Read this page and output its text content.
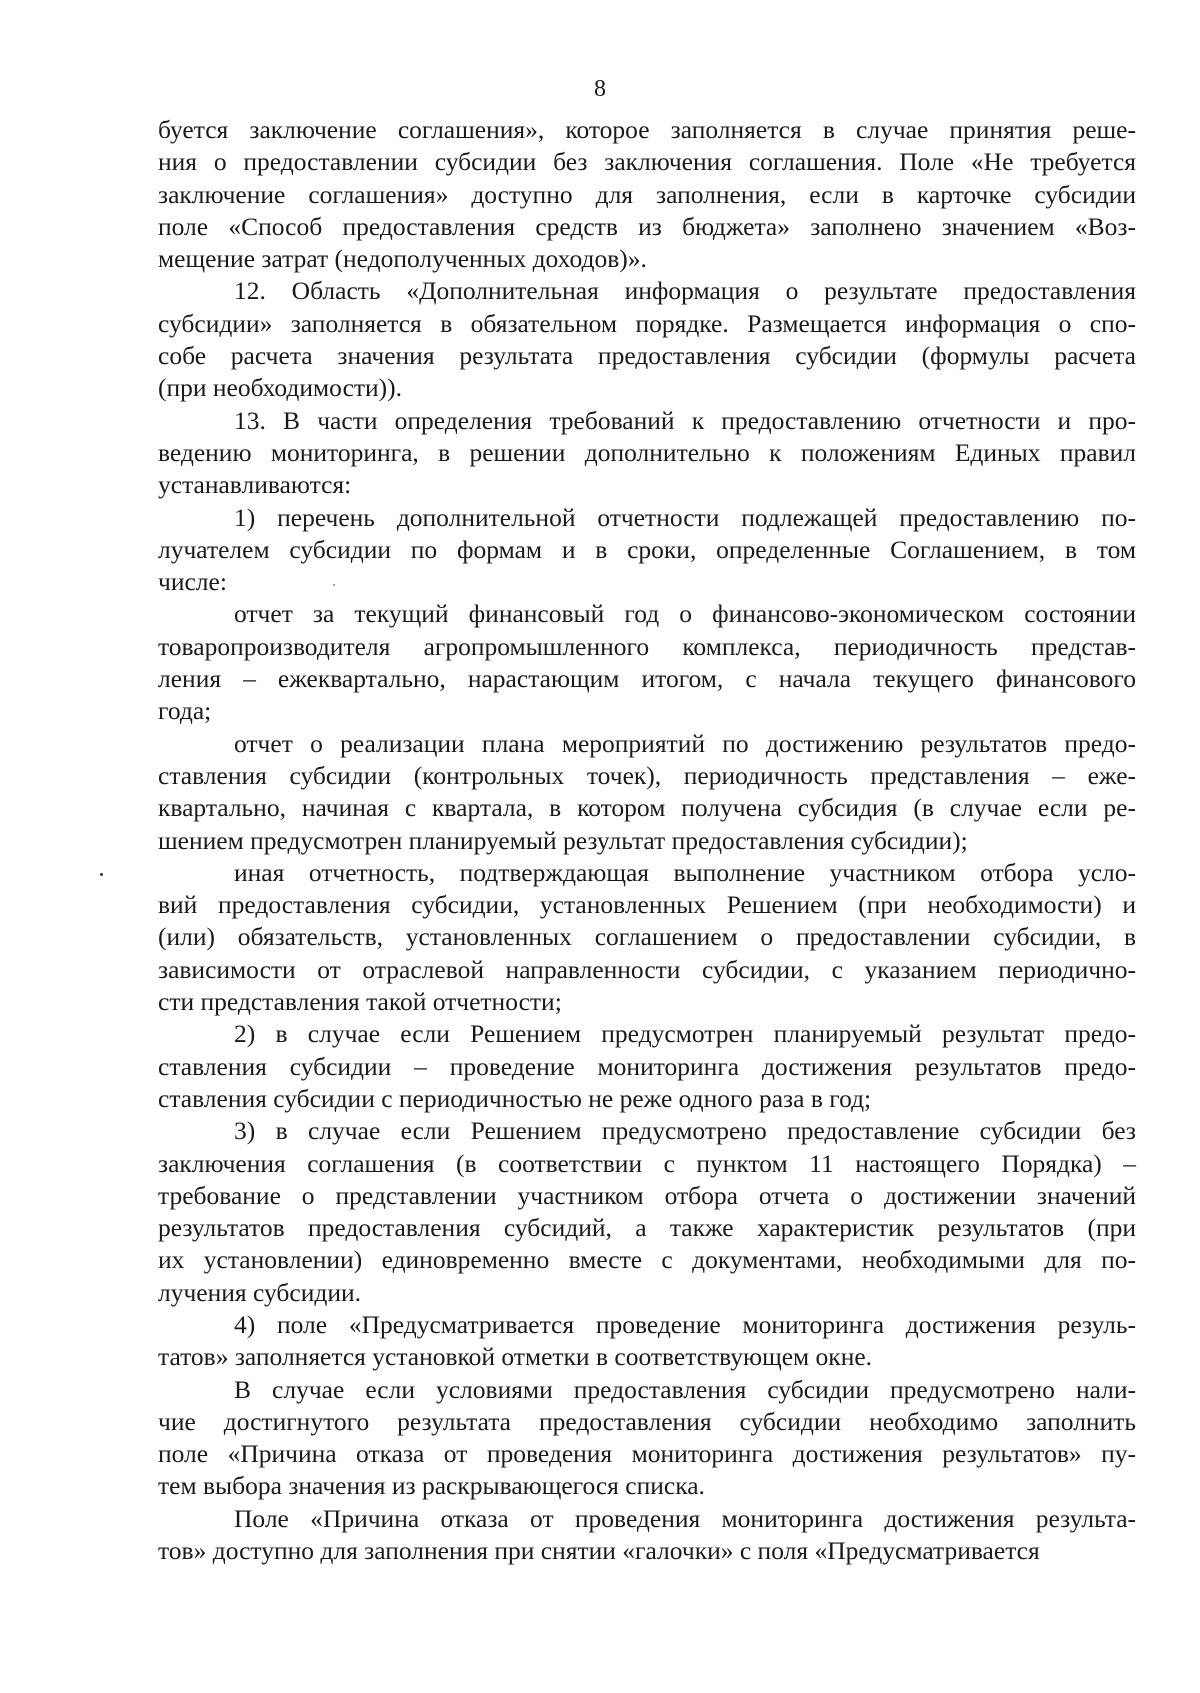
8

буется заключение соглашения», которое заполняется в случае принятия реше-
ния о предоставлении субсидии без заключения соглашения. Поле «Не требуется
заключение соглашения» доступно для заполнения, если в карточке субсидии
поле «Способ предоставления средств из бюджета» заполнено значением «Воз-
мещение затрат (недополученных доходов)».

12. Область «Дополнительная информация о результате предоставления
субсидии» заполняется в обязательном порядке. Размещается информация о спо-
собе расчета значения результата предоставления субсидии (формулы расчета
(при необходимости)).

13. В части определения требований к предоставлению отчетности и про-
ведению мониторинга, в решении дополнительно к положениям Единых правил
устанавливаются:

1) перечень дополнительной отчетности подлежащей предоставлению по-
лучателем субсидии по формам и в сроки, определенные Соглашением, в том
числе:

отчет за текущий финансовый год о финансово-экономическом состоянии
товаропроизводителя агропромышленного комплекса, периодичность представ-
ления – ежеквартально, нарастающим итогом, с начала текущего финансового
года;

отчет о реализации плана мероприятий по достижению результатов предо-
ставления субсидии (контрольных точек), периодичность представления – еже-
квартально, начиная с квартала, в котором получена субсидия (в случае если ре-
шением предусмотрен планируемый результат предоставления субсидии);

иная отчетность, подтверждающая выполнение участником отбора усло-
вий предоставления субсидии, установленных Решением (при необходимости) и
(или) обязательств, установленных соглашением о предоставлении субсидии, в
зависимости от отраслевой направленности субсидии, с указанием периодично-
сти представления такой отчетности;

2) в случае если Решением предусмотрен планируемый результат предо-
ставления субсидии – проведение мониторинга достижения результатов предо-
ставления субсидии с периодичностью не реже одного раза в год;

3) в случае если Решением предусмотрено предоставление субсидии без
заключения соглашения (в соответствии с пунктом 11 настоящего Порядка) –
требование о представлении участником отбора отчета о достижении значений
результатов предоставления субсидий, а также характеристик результатов (при
их установлении) единовременно вместе с документами, необходимыми для по-
лучения субсидии.

4) поле «Предусматривается проведение мониторинга достижения резуль-
татов» заполняется установкой отметки в соответствующем окне.

В случае если условиями предоставления субсидии предусмотрено нали-
чие достигнутого результата предоставления субсидии необходимо заполнить
поле «Причина отказа от проведения мониторинга достижения результатов» пу-
тем выбора значения из раскрывающегося списка.

Поле «Причина отказа от проведения мониторинга достижения результа-
тов» доступно для заполнения при снятии «галочки» с поля «Предусматривается
